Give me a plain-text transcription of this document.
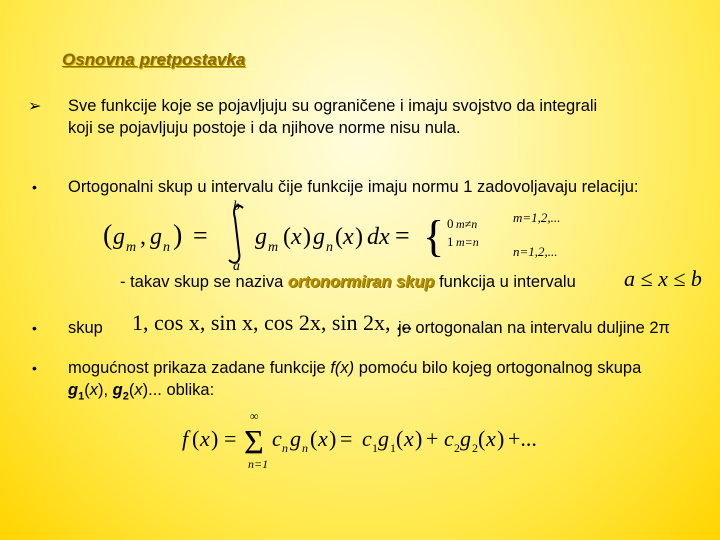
Osnovna pretpostavka
➢ Sve funkcije koje se pojavljuju su ograničene i imaju svojstvo da integrali
koji se pojavljuju postoje i da njihove norme nisu nula.
• Ortogonalni skup u intervalu čije funkcije imaju normu 1 zadovoljavaju relaciju:
( g m , g n ) =
b
a
g m ( x ) g n ( x ) dx = { 0 m≠n	m=1,2,...
1 m=n
n=1,2,...
- takav skup se naziva ortonormiran skup funkcija u intervalu a ≤ x ≤ b
• skup 1, cos x, sin x, cos 2x, sin 2x, ...
je ortogonalan na intervalu duljine 2π
• mogućnost prikaza zadane funkcije f(x) pomoću bilo kojeg ortogonalnog skupa
$g_1(x)$, $g_2(x)$... oblika:
f ( x ) =
∞
Σ
n=1
c n g n ( x ) = c 1 g 1 ( x ) + c 2 g 2 ( x ) +...
